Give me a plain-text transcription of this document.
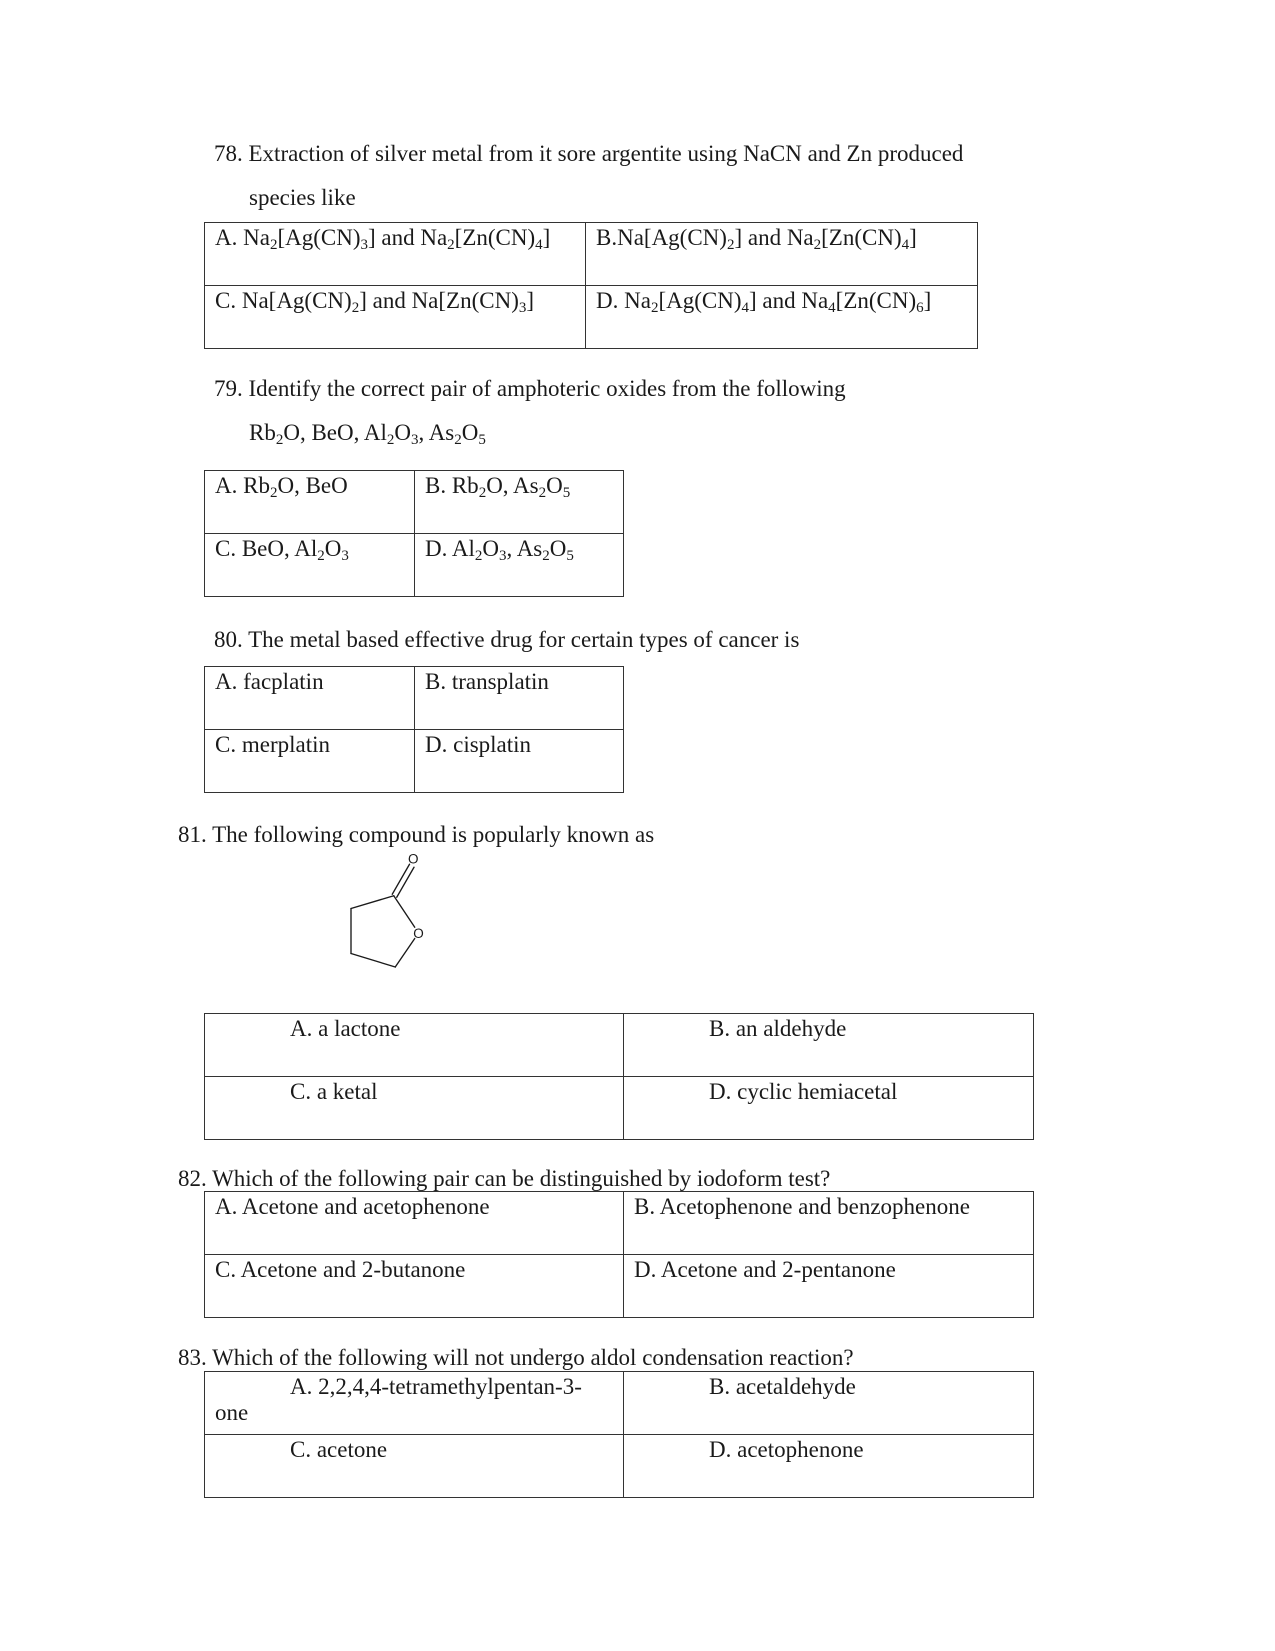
78. Extraction of silver metal from it sore argentite using NaCN and Zn produced
species like
A. $Na_2[Ag(CN)_3]$ and $Na_2[Zn(CN)_4]$	$B.Na[Ag(CN)_2]$ and $Na_2[Zn(CN)_4]$
C. $Na[Ag(CN)_2]$ and $Na[Zn(CN)_3]$	D. $Na_2[Ag(CN)_4]$ and $Na_4[Zn(CN)_6]$
79. Identify the correct pair of amphoteric oxides from the following
$Rb_2O$, BeO, $Al_2O_3$, $As_2O_5$
A. $Rb_2O$, BeO	B. $Rb_2O$, $As_2O_5$
C. BeO, $Al_2O_3$	D. $Al_2O_3$, $As_2O_5$
80. The metal based effective drug for certain types of cancer is
A. facplatin	B. transplatin
C. merplatin	D. cisplatin
81. The following compound is popularly known as
O
O
A. a lactone	B. an aldehyde
C. a ketal	D. cyclic hemiacetal
82. Which of the following pair can be distinguished by iodoform test?
A. Acetone and acetophenone	B. Acetophenone and benzophenone
C. Acetone and 2-butanone	D. Acetone and 2-pentanone
83. Which of the following will not undergo aldol condensation reaction?
A. 2,2,4,4-tetramethylpentan-3-
one	B. acetaldehyde
C. acetone	D. acetophenone
